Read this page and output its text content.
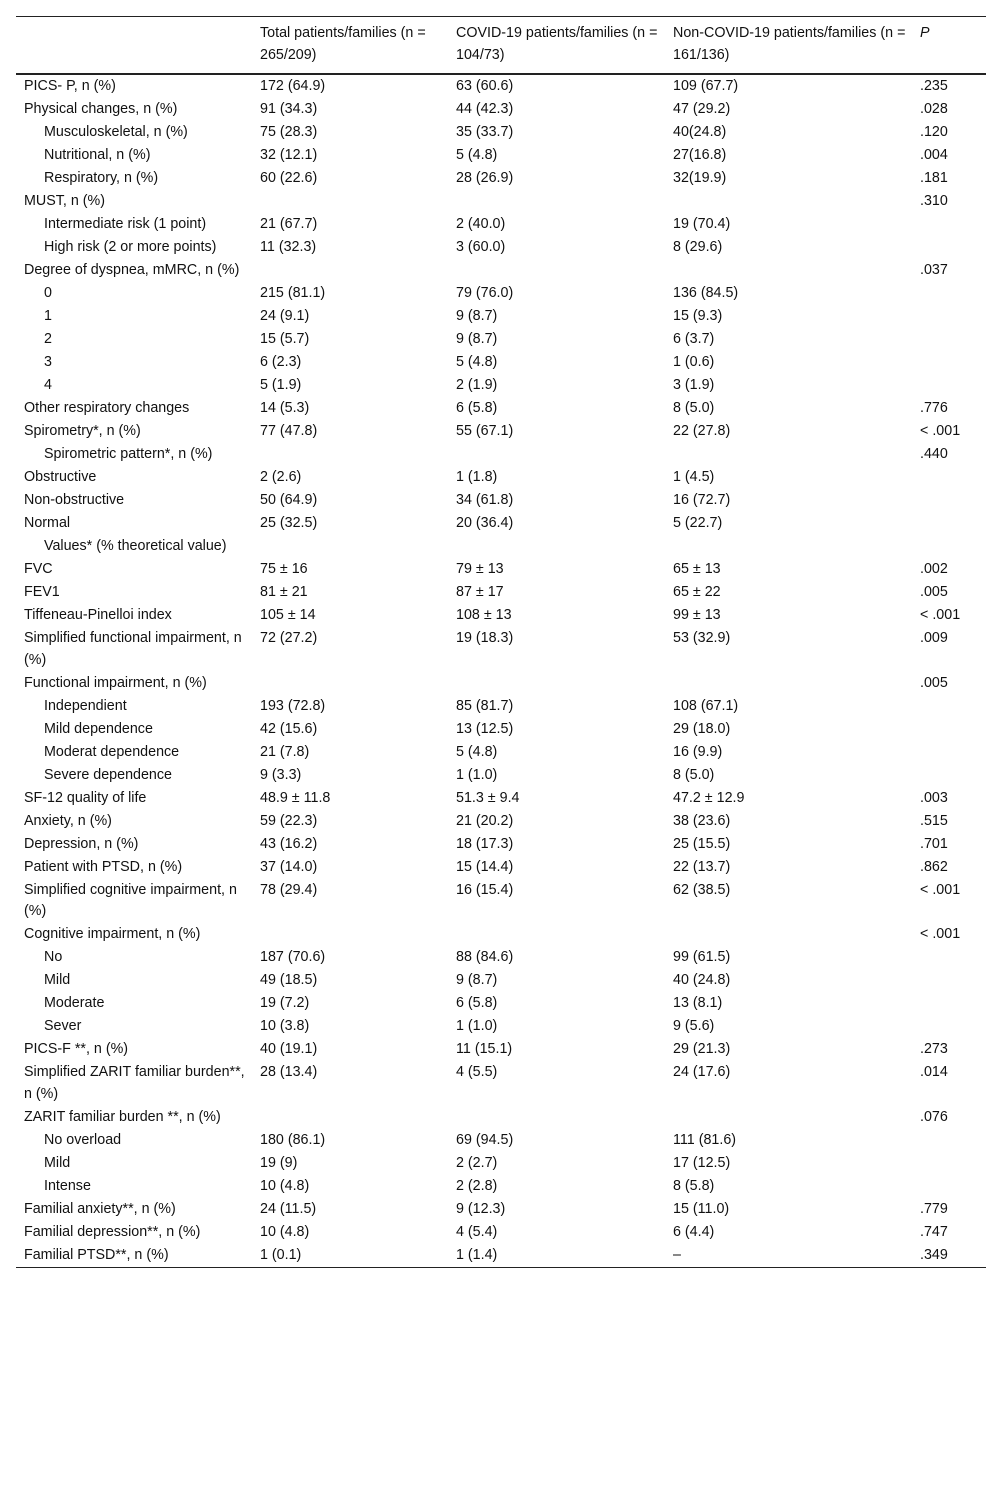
	Total patients/families (n = 265/209)	COVID-19 patients/families (n = 104/73)	Non-COVID-19 patients/families (n = 161/136)	P
PICS- P, n (%)	172 (64.9)	63 (60.6)	109 (67.7)	.235
Physical changes, n (%)	91 (34.3)	44 (42.3)	47 (29.2)	.028
Musculoskeletal, n (%)	75 (28.3)	35 (33.7)	40(24.8)	.120
Nutritional, n (%)	32 (12.1)	5 (4.8)	27(16.8)	.004
Respiratory, n (%)	60 (22.6)	28 (26.9)	32(19.9)	.181
MUST, n (%)				.310
Intermediate risk (1 point)	21 (67.7)	2 (40.0)	19 (70.4)	
High risk (2 or more points)	11 (32.3)	3 (60.0)	8 (29.6)	
Degree of dyspnea, mMRC, n (%)				.037
0	215 (81.1)	79 (76.0)	136 (84.5)	
1	24 (9.1)	9 (8.7)	15 (9.3)	
2	15 (5.7)	9 (8.7)	6 (3.7)	
3	6 (2.3)	5 (4.8)	1 (0.6)	
4	5 (1.9)	2 (1.9)	3 (1.9)	
Other respiratory changes	14 (5.3)	6 (5.8)	8 (5.0)	.776
Spirometry*, n (%)	77 (47.8)	55 (67.1)	22 (27.8)	< .001
Spirometric pattern*, n (%)				.440
Obstructive	2 (2.6)	1 (1.8)	1 (4.5)	
Non-obstructive	50 (64.9)	34 (61.8)	16 (72.7)	
Normal	25 (32.5)	20 (36.4)	5 (22.7)	
Values* (% theoretical value)				
FVC	75 ± 16	79 ± 13	65 ± 13	.002
FEV1	81 ± 21	87 ± 17	65 ± 22	.005
Tiffeneau-Pinelloi index	105 ± 14	108 ± 13	99 ± 13	< .001
Simplified functional impairment, n (%)	72 (27.2)	19 (18.3)	53 (32.9)	.009
Functional impairment, n (%)				.005
Independient	193 (72.8)	85 (81.7)	108 (67.1)	
Mild dependence	42 (15.6)	13 (12.5)	29 (18.0)	
Moderat dependence	21 (7.8)	5 (4.8)	16 (9.9)	
Severe dependence	9 (3.3)	1 (1.0)	8 (5.0)	
SF-12 quality of life	48.9 ± 11.8	51.3 ± 9.4	47.2 ± 12.9	.003
Anxiety, n (%)	59 (22.3)	21 (20.2)	38 (23.6)	.515
Depression, n (%)	43 (16.2)	18 (17.3)	25 (15.5)	.701
Patient with PTSD, n (%)	37 (14.0)	15 (14.4)	22 (13.7)	.862
Simplified cognitive impairment, n (%)	78 (29.4)	16 (15.4)	62 (38.5)	< .001
Cognitive impairment, n (%)				< .001
No	187 (70.6)	88 (84.6)	99 (61.5)	
Mild	49 (18.5)	9 (8.7)	40 (24.8)	
Moderate	19 (7.2)	6 (5.8)	13 (8.1)	
Sever	10 (3.8)	1 (1.0)	9 (5.6)	
PICS-F **, n (%)	40 (19.1)	11 (15.1)	29 (21.3)	.273
Simplified ZARIT familiar burden**, n (%)	28 (13.4)	4 (5.5)	24 (17.6)	.014
ZARIT familiar burden **, n (%)				.076
No overload	180 (86.1)	69 (94.5)	111 (81.6)	
Mild	19 (9)	2 (2.7)	17 (12.5)	
Intense	10 (4.8)	2 (2.8)	8 (5.8)	
Familial anxiety**, n (%)	24 (11.5)	9 (12.3)	15 (11.0)	.779
Familial depression**, n (%)	10 (4.8)	4 (5.4)	6 (4.4)	.747
Familial PTSD**, n (%)	1 (0.1)	1 (1.4)	–	.349
